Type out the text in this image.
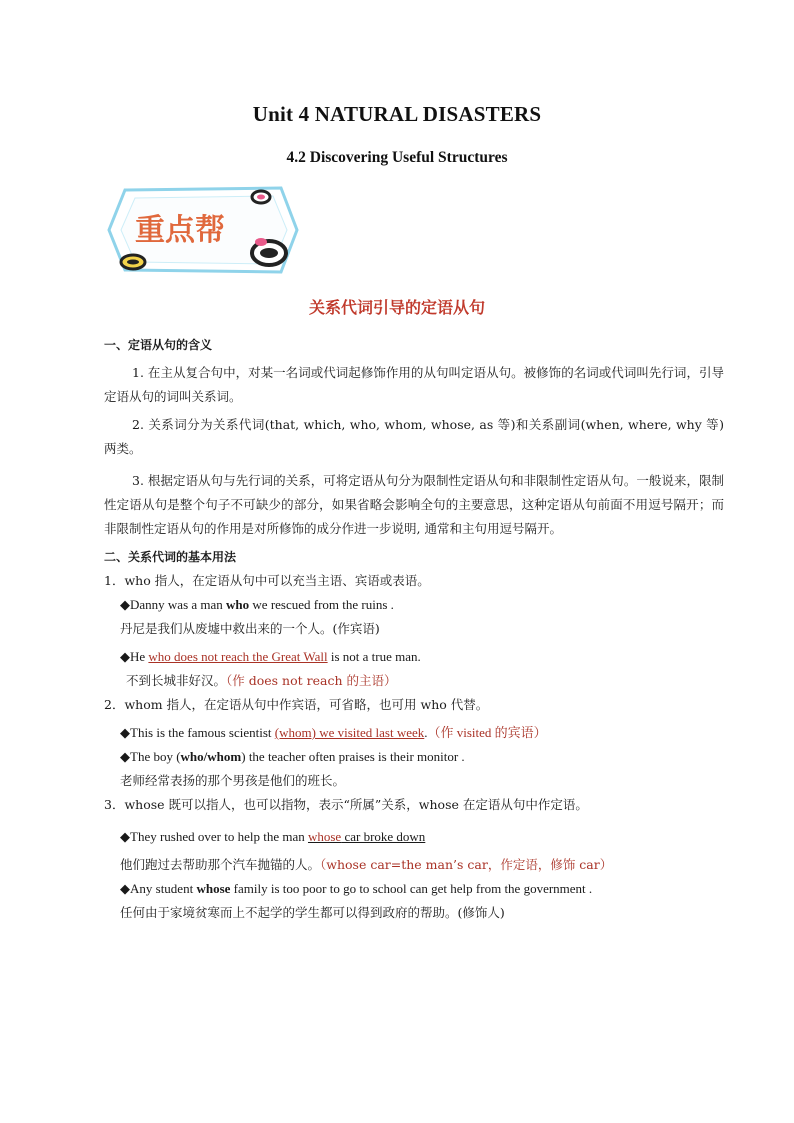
Unit 4 NATURAL DISASTERS
4.2 Discovering Useful Structures
重点帮
关系代词引导的定语从句

一、定语从句的含义

1. 在主从复合句中，对某一名词或代词起修饰作用的从句叫定语从句。被修饰的名词或代词叫先行词，引导定语从句的词叫关系词。

2. 关系词分为关系代词(that, which, who, whom, whose, as 等)和关系副词(when, where, why 等)两类。

3. 根据定语从句与先行词的关系，可将定语从句分为限制性定语从句和非限制性定语从句。一般说来，限制性定语从句是整个句子不可缺少的部分，如果省略会影响全句的主要意思，这种定语从句前面不用逗号隔开；而非限制性定语从句的作用是对所修饰的成分作进一步说明, 通常和主句用逗号隔开。

二、关系代词的基本用法

1．who 指人，在定语从句中可以充当主语、宾语或表语。

◆Danny was a man who we rescued from the ruins .

丹尼是我们从废墟中救出来的一个人。(作宾语)

◆He who does not reach the Great Wall is not a true man.

不到长城非好汉。（作 does not reach 的主语）

2．whom 指人，在定语从句中作宾语，可省略，也可用 who 代替。

◆This is the famous scientist (whom) we visited last week.（作 visited 的宾语）

◆The boy (who/whom) the teacher often praises is their monitor .

老师经常表扬的那个男孩是他们的班长。

3．whose 既可以指人，也可以指物，表示“所属”关系，whose 在定语从句中作定语。

◆They rushed over to help the man whose car broke down

他们跑过去帮助那个汽车抛锚的人。（whose car=the man’s car，作定语，修饰 car）

◆Any student whose family is too poor to go to school can get help from the government .

任何由于家境贫寒而上不起学的学生都可以得到政府的帮助。(修饰人)
